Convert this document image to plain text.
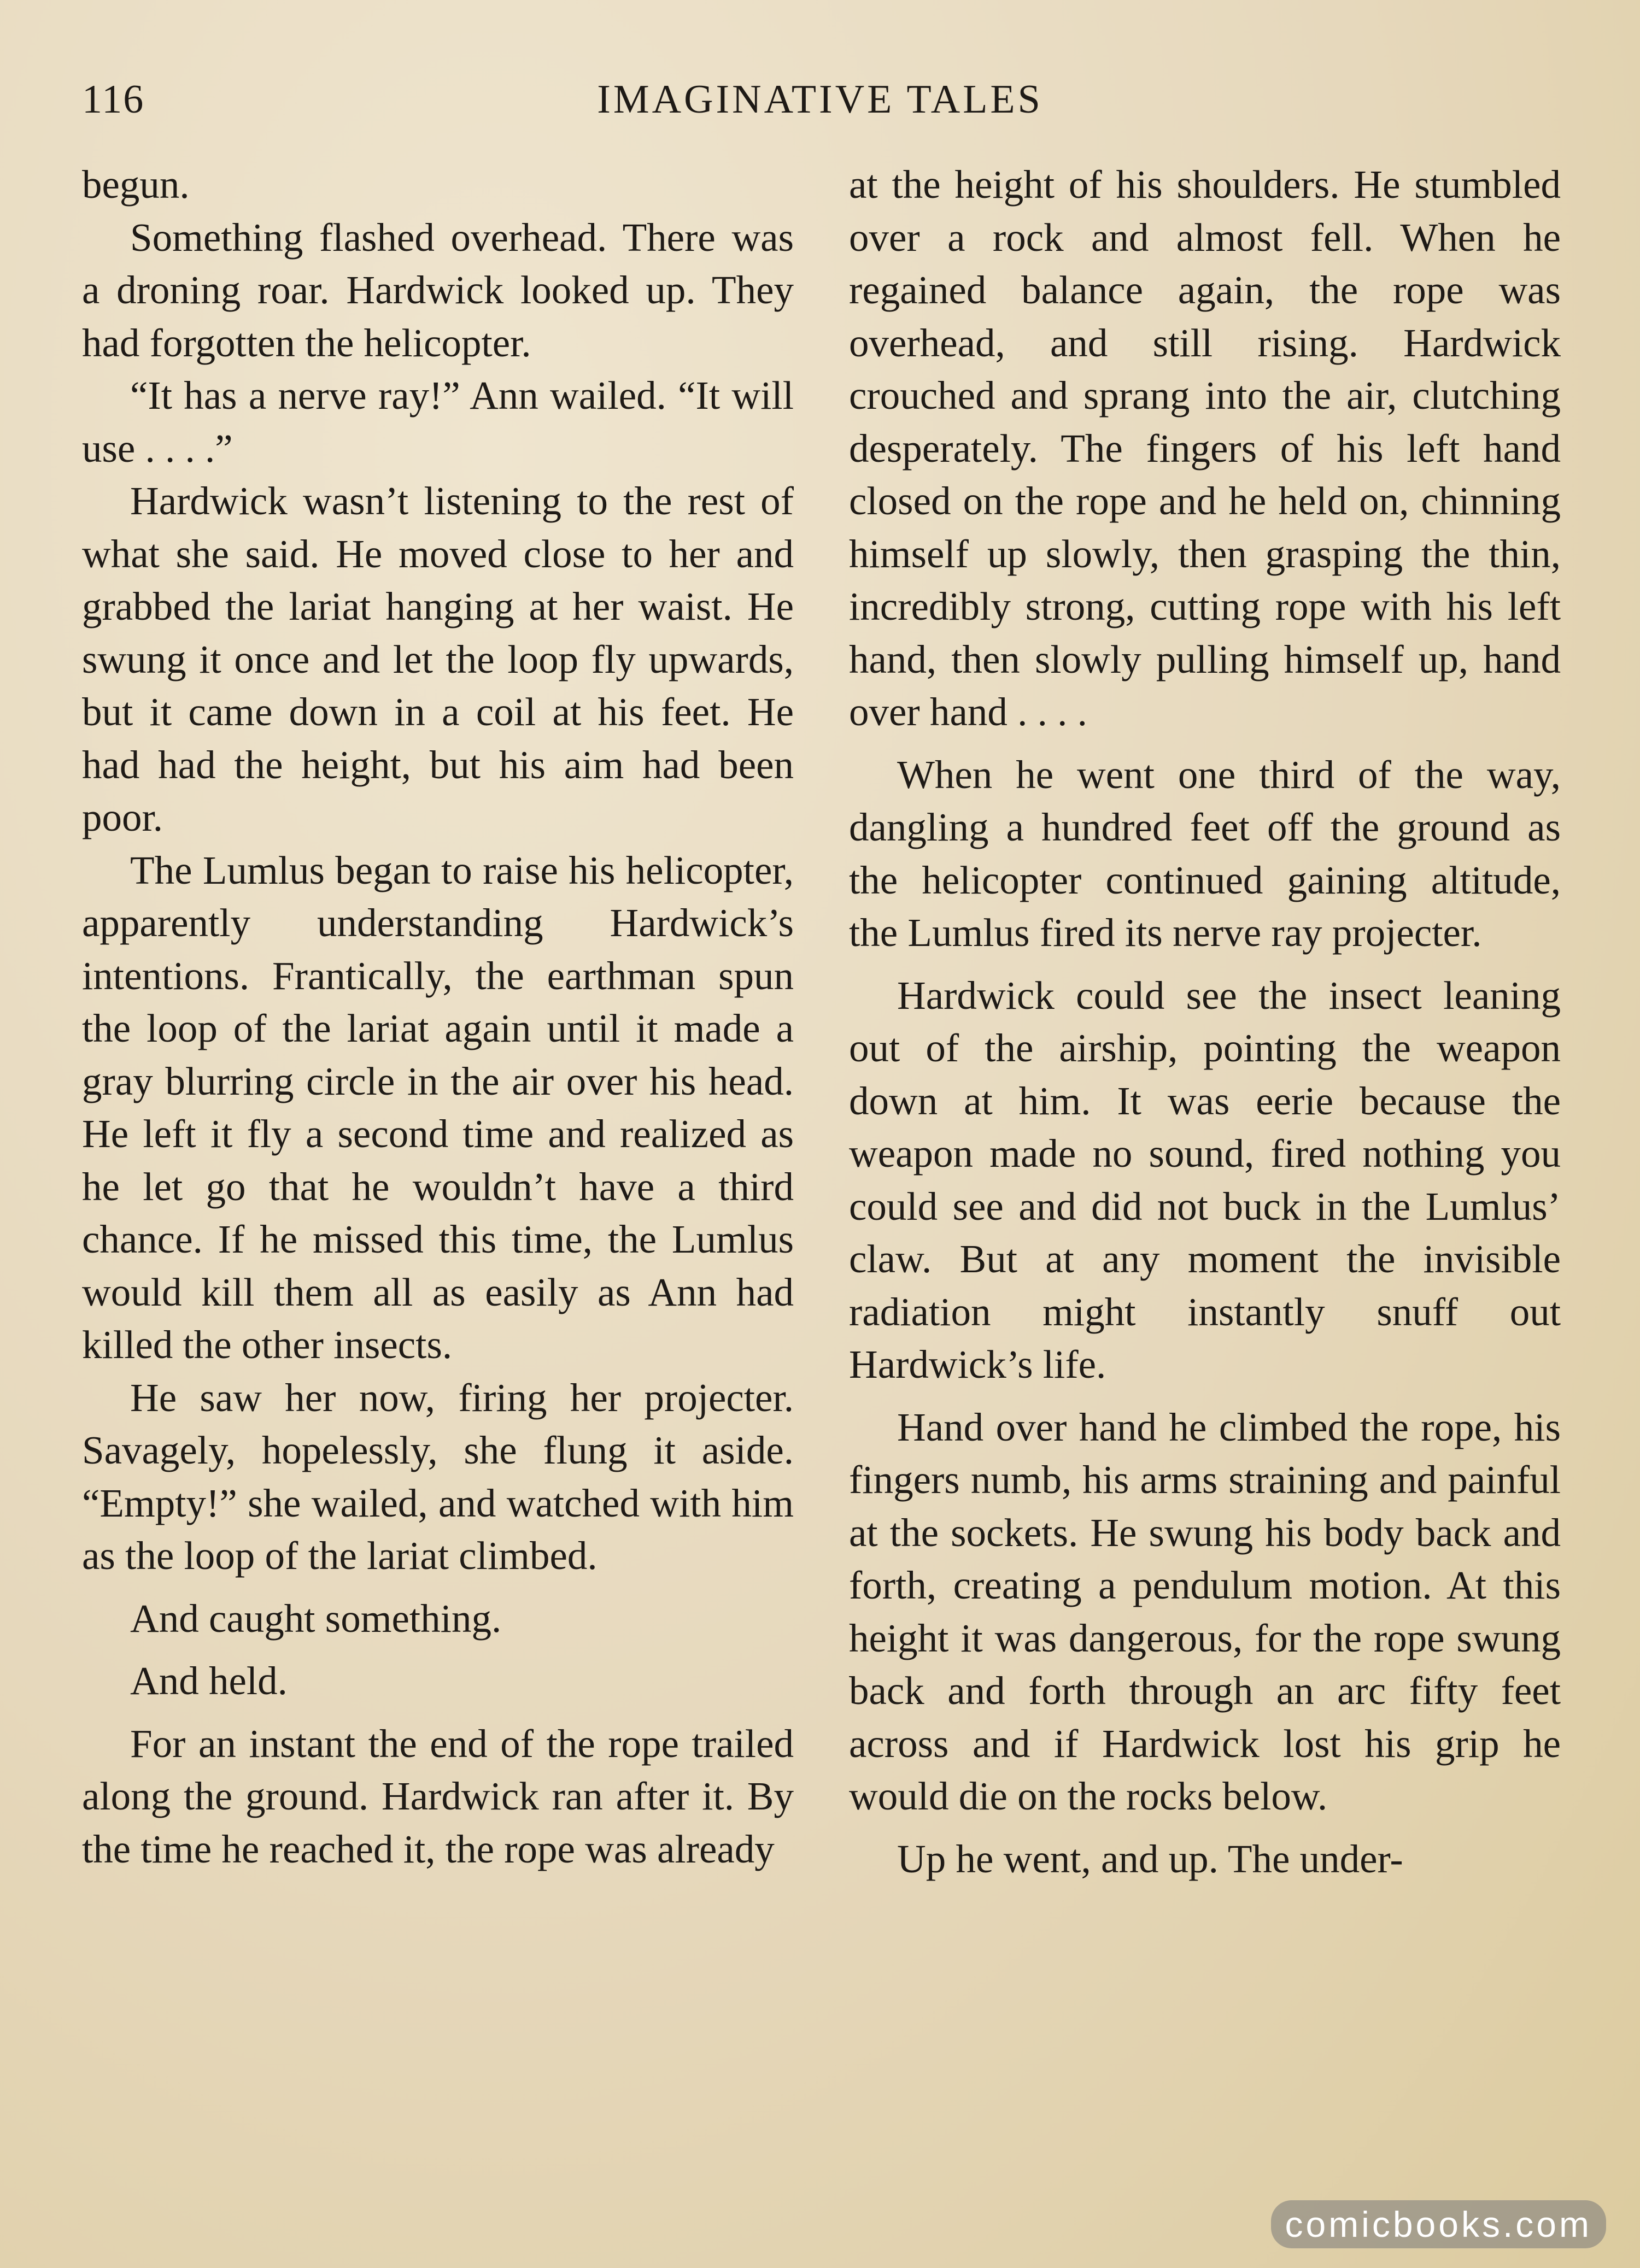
116	IMAGINATIVE TALES

begun.

Something flashed overhead. There was a droning roar. Hardwick looked up. They had forgotten the helicopter.

“It has a nerve ray!” Ann wailed. “It will use . . . .”

Hardwick wasn’t listening to the rest of what she said. He moved close to her and grabbed the lariat hanging at her waist. He swung it once and let the loop fly upwards, but it came down in a coil at his feet. He had had the height, but his aim had been poor.

The Lumlus began to raise his helicopter, apparently understanding Hardwick’s intentions. Frantically, the earthman spun the loop of the lariat again until it made a gray blurring circle in the air over his head. He left it fly a second time and realized as he let go that he wouldn’t have a third chance. If he missed this time, the Lumlus would kill them all as easily as Ann had killed the other insects.

He saw her now, firing her projecter. Savagely, hopelessly, she flung it aside. “Empty!” she wailed, and watched with him as the loop of the lariat climbed.

And caught something.

And held.

For an instant the end of the rope trailed along the ground. Hardwick ran after it. By the time he reached it, the rope was already

at the height of his shoulders. He stumbled over a rock and almost fell. When he regained balance again, the rope was overhead, and still rising. Hardwick crouched and sprang into the air, clutching desperately. The fingers of his left hand closed on the rope and he held on, chinning himself up slowly, then grasping the thin, incredibly strong, cutting rope with his left hand, then slowly pulling himself up, hand over hand . . . .

When he went one third of the way, dangling a hundred feet off the ground as the helicopter continued gaining altitude, the Lumlus fired its nerve ray projecter.

Hardwick could see the insect leaning out of the airship, pointing the weapon down at him. It was eerie because the weapon made no sound, fired nothing you could see and did not buck in the Lumlus’ claw. But at any moment the invisible radiation might instantly snuff out Hardwick’s life.

Hand over hand he climbed the rope, his fingers numb, his arms straining and painful at the sockets. He swung his body back and forth, creating a pendulum motion. At this height it was dangerous, for the rope swung back and forth through an arc fifty feet across and if Hardwick lost his grip he would die on the rocks below.

Up he went, and up. The under-

comicbooks.com
